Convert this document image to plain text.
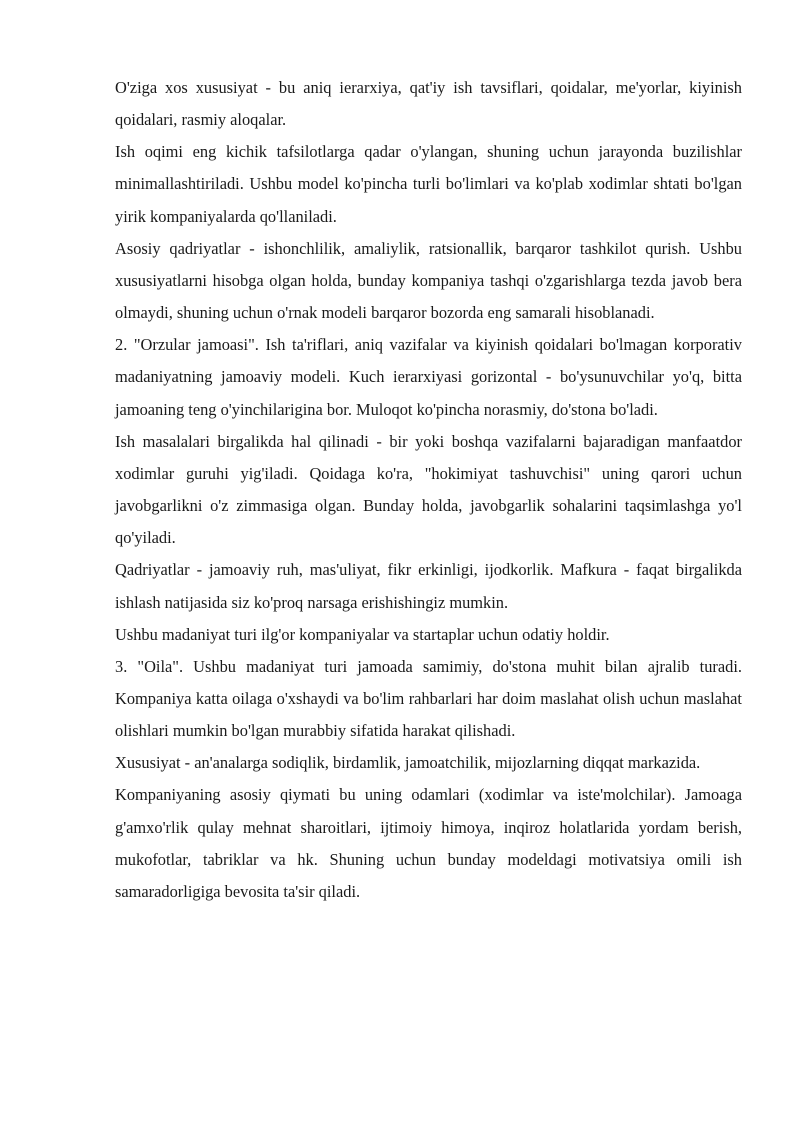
O'ziga xos xususiyat - bu aniq ierarxiya, qat'iy ish tavsiflari, qoidalar, me'yorlar, kiyinish qoidalari, rasmiy aloqalar.

Ish oqimi eng kichik tafsilotlarga qadar o'ylangan, shuning uchun jarayonda buzilishlar minimallashtiriladi. Ushbu model ko'pincha turli bo'limlari va ko'plab xodimlar shtati bo'lgan yirik kompaniyalarda qo'llaniladi.

Asosiy qadriyatlar - ishonchlilik, amaliylik, ratsionallik, barqaror tashkilot qurish. Ushbu xususiyatlarni hisobga olgan holda, bunday kompaniya tashqi o'zgarishlarga tezda javob bera olmaydi, shuning uchun o'rnak modeli barqaror bozorda eng samarali hisoblanadi.

2. "Orzular jamoasi". Ish ta'riflari, aniq vazifalar va kiyinish qoidalari bo'lmagan korporativ madaniyatning jamoaviy modeli. Kuch ierarxiyasi gorizontal - bo'ysunuvchilar yo'q, bitta jamoaning teng o'yinchilarigina bor. Muloqot ko'pincha norasmiy, do'stona bo'ladi.

Ish masalalari birgalikda hal qilinadi - bir yoki boshqa vazifalarni bajaradigan manfaatdor xodimlar guruhi yig'iladi. Qoidaga ko'ra, "hokimiyat tashuvchisi" uning qarori uchun javobgarlikni o'z zimmasiga olgan. Bunday holda, javobgarlik sohalarini taqsimlashga yo'l qo'yiladi.

Qadriyatlar - jamoaviy ruh, mas'uliyat, fikr erkinligi, ijodkorlik. Mafkura - faqat birgalikda ishlash natijasida siz ko'proq narsaga erishishingiz mumkin.

Ushbu madaniyat turi ilg'or kompaniyalar va startaplar uchun odatiy holdir.

3. "Oila". Ushbu madaniyat turi jamoada samimiy, do'stona muhit bilan ajralib turadi. Kompaniya katta oilaga o'xshaydi va bo'lim rahbarlari har doim maslahat olish uchun maslahat olishlari mumkin bo'lgan murabbiy sifatida harakat qilishadi.

Xususiyat - an'analarga sodiqlik, birdamlik, jamoatchilik, mijozlarning diqqat markazida.

Kompaniyaning asosiy qiymati bu uning odamlari (xodimlar va iste'molchilar). Jamoaga g'amxo'rlik qulay mehnat sharoitlari, ijtimoiy himoya, inqiroz holatlarida yordam berish, mukofotlar, tabriklar va hk. Shuning uchun bunday modeldagi motivatsiya omili ish samaradorligiga bevosita ta'sir qiladi.
